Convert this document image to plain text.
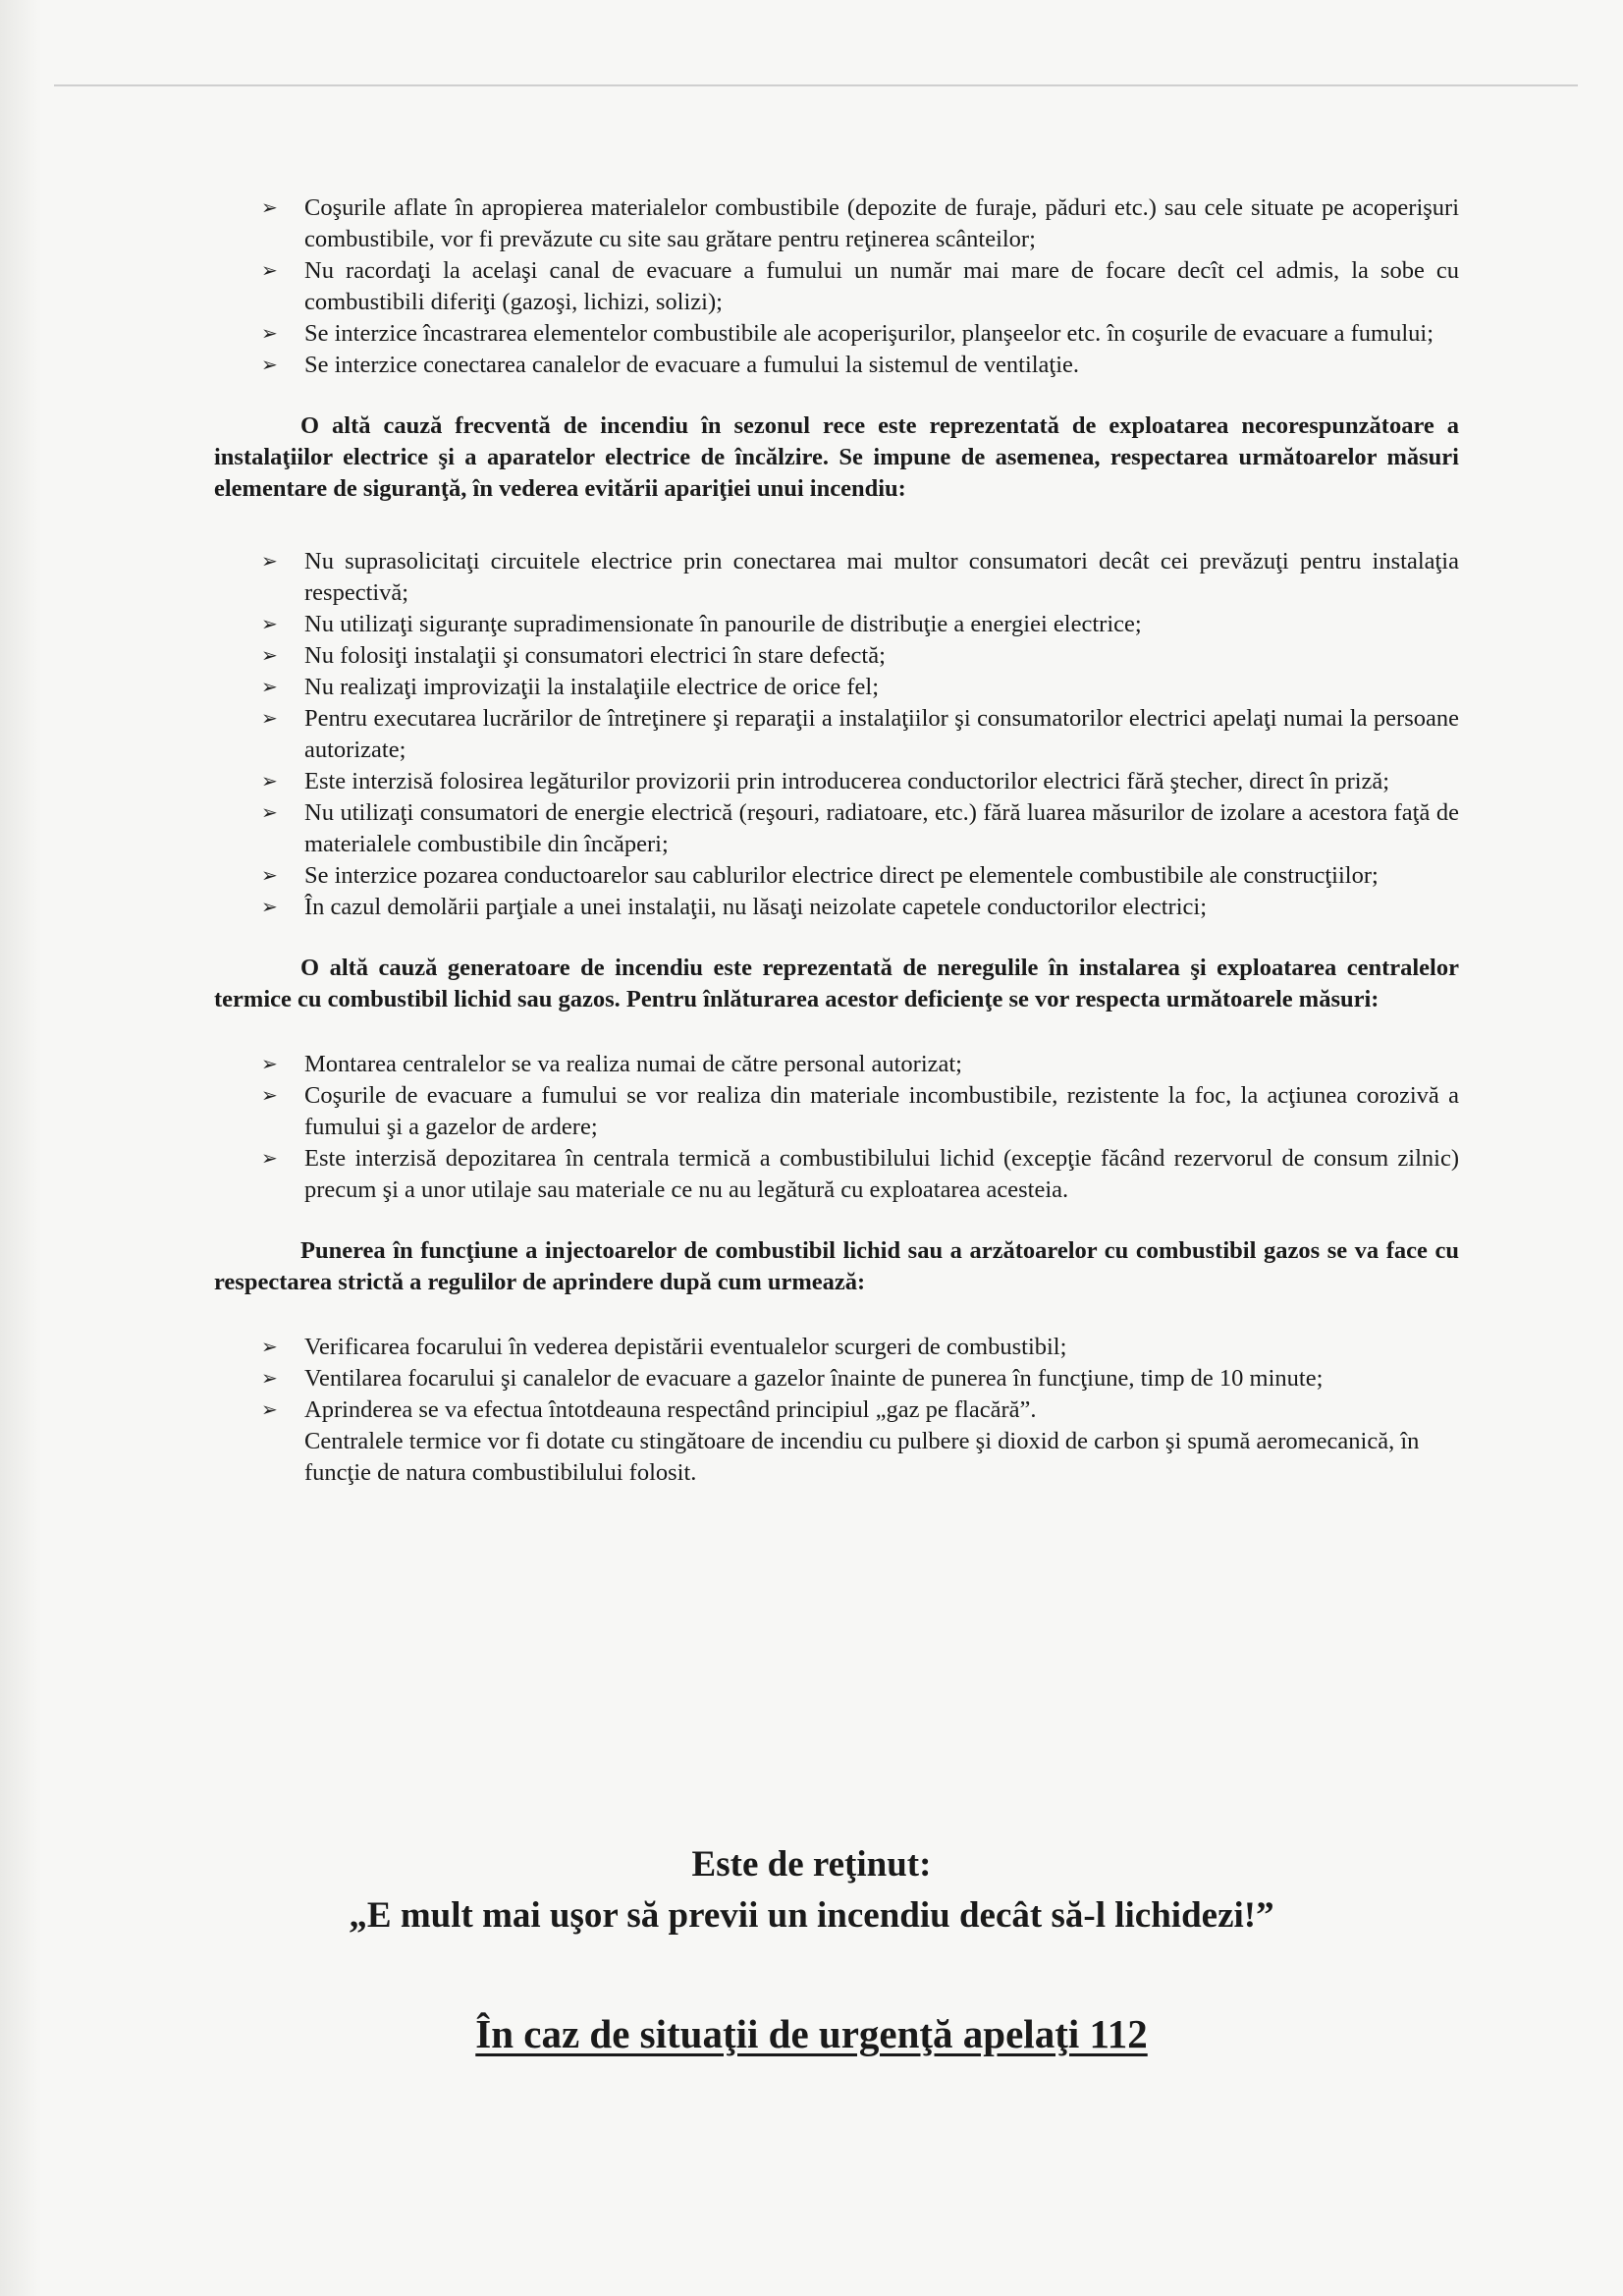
➢ Coşurile aflate în apropierea materialelor combustibile (depozite de furaje, păduri etc.) sau cele situate pe acoperişuri combustibile, vor fi prevăzute cu site sau grătare pentru reţinerea scânteilor;
➢ Nu racordaţi la acelaşi canal de evacuare a fumului un număr mai mare de focare decît cel admis, la sobe cu combustibili diferiţi (gazoşi, lichizi, solizi);
➢ Se interzice încastrarea elementelor combustibile ale acoperişurilor, planşeelor etc. în coşurile de evacuare a fumului;
➢ Se interzice conectarea canalelor de evacuare a fumului la sistemul de ventilaţie.

O altă cauză frecventă de incendiu în sezonul rece este reprezentată de exploatarea necorespunzătoare a instalaţiilor electrice şi a aparatelor electrice de încălzire. Se impune de asemenea, respectarea următoarelor măsuri elementare de siguranţă, în vederea evitării apariţiei unui incendiu:

➢ Nu suprasolicitaţi circuitele electrice prin conectarea mai multor consumatori decât cei prevăzuţi pentru instalaţia respectivă;
➢ Nu utilizaţi siguranţe supradimensionate în panourile de distribuţie a energiei electrice;
➢ Nu folosiţi instalaţii şi consumatori electrici în stare defectă;
➢ Nu realizaţi improvizaţii la instalaţiile electrice de orice fel;
➢ Pentru executarea lucrărilor de întreţinere şi reparaţii a instalaţiilor şi consumatorilor electrici apelaţi numai la persoane autorizate;
➢ Este interzisă folosirea legăturilor provizorii prin introducerea conductorilor electrici fără ştecher, direct în priză;
➢ Nu utilizaţi consumatori de energie electrică (reşouri, radiatoare, etc.) fără luarea măsurilor de izolare a acestora faţă de materialele combustibile din încăperi;
➢ Se interzice pozarea conductoarelor sau cablurilor electrice direct pe elementele combustibile ale construcţiilor;
➢ În cazul demolării parţiale a unei instalaţii, nu lăsaţi neizolate capetele conductorilor electrici;

O altă cauză generatoare de incendiu este reprezentată de neregulile în instalarea şi exploatarea centralelor termice cu combustibil lichid sau gazos. Pentru înlăturarea acestor deficienţe se vor respecta următoarele măsuri:

➢ Montarea centralelor se va realiza numai de către personal autorizat;
➢ Coşurile de evacuare a fumului se vor realiza din materiale incombustibile, rezistente la foc, la acţiunea corozivă a fumului şi a gazelor de ardere;
➢ Este interzisă depozitarea în centrala termică a combustibilului lichid (excepţie făcând rezervorul de consum zilnic) precum şi a unor utilaje sau materiale ce nu au legătură cu exploatarea acesteia.

Punerea în funcţiune a injectoarelor de combustibil lichid sau a arzătoarelor cu combustibil gazos se va face cu respectarea strictă a regulilor de aprindere după cum urmează:

➢ Verificarea focarului în vederea depistării eventualelor scurgeri de combustibil;
➢ Ventilarea focarului şi canalelor de evacuare a gazelor înainte de punerea în funcţiune, timp de 10 minute;
➢ Aprinderea se va efectua întotdeauna respectând principiul „gaz pe flacără”.
Centralele termice vor fi dotate cu stingătoare de incendiu cu pulbere şi dioxid de carbon şi spumă aeromecanică, în funcţie de natura combustibilului folosit.
Este de reţinut:
„E mult mai uşor să previi un incendiu decât să-l lichidezi!”
În caz de situaţii de urgenţă apelaţi 112
